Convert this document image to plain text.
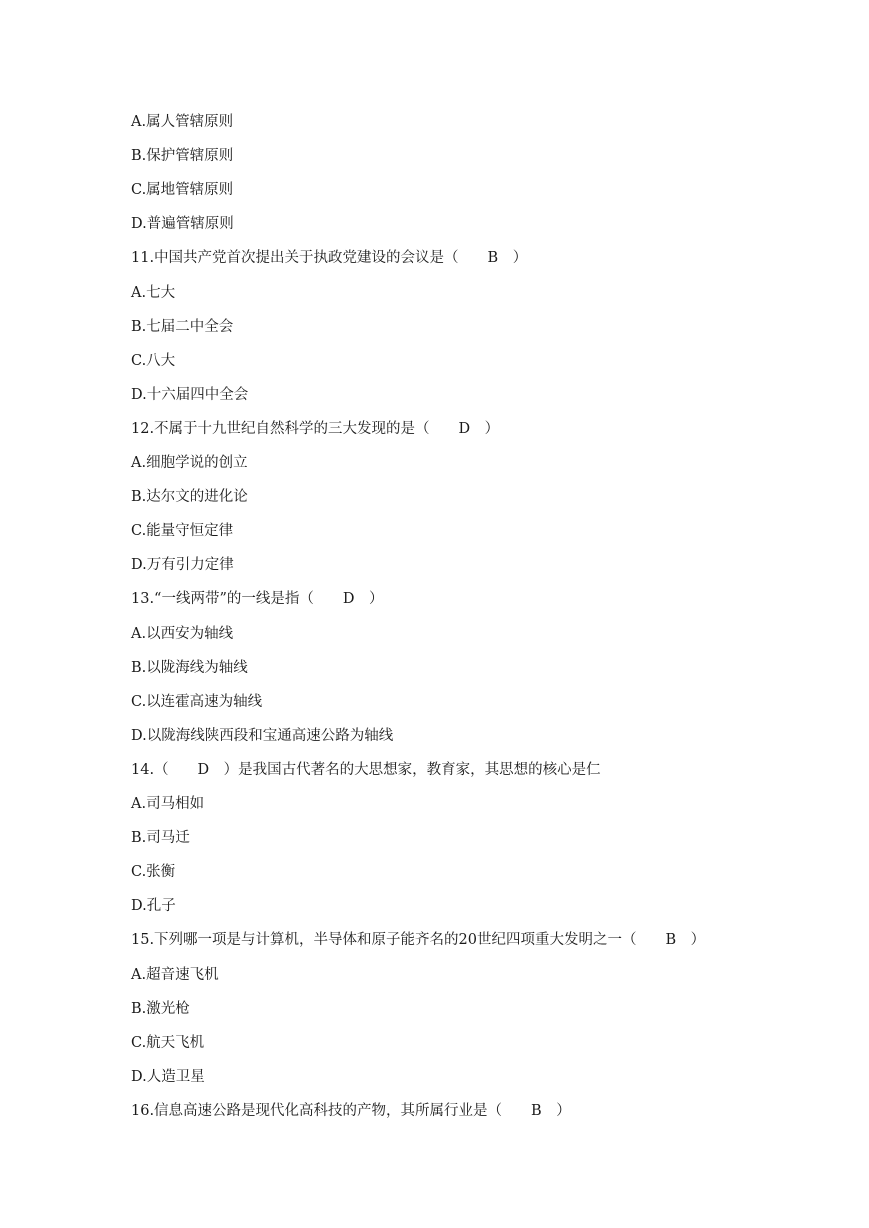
A.属人管辖原则
B.保护管辖原则
C.属地管辖原则
D.普遍管辖原则
11.中国共产党首次提出关于执政党建设的会议是（　　B　）
A.七大
B.七届二中全会
C.八大
D.十六届四中全会
12.不属于十九世纪自然科学的三大发现的是（　　D　）
A.细胞学说的创立
B.达尔文的进化论
C.能量守恒定律
D.万有引力定律
13.“一线两带”的一线是指（　　D　）
A.以西安为轴线
B.以陇海线为轴线
C.以连霍高速为轴线
D.以陇海线陕西段和宝通高速公路为轴线
14.（　　D　）是我国古代著名的大思想家，教育家，其思想的核心是仁
A.司马相如
B.司马迁
C.张衡
D.孔子
15.下列哪一项是与计算机，半导体和原子能齐名的20世纪四项重大发明之一（　　B　）
A.超音速飞机
B.激光枪
C.航天飞机
D.人造卫星
16.信息高速公路是现代化高科技的产物，其所属行业是（　　B　）
